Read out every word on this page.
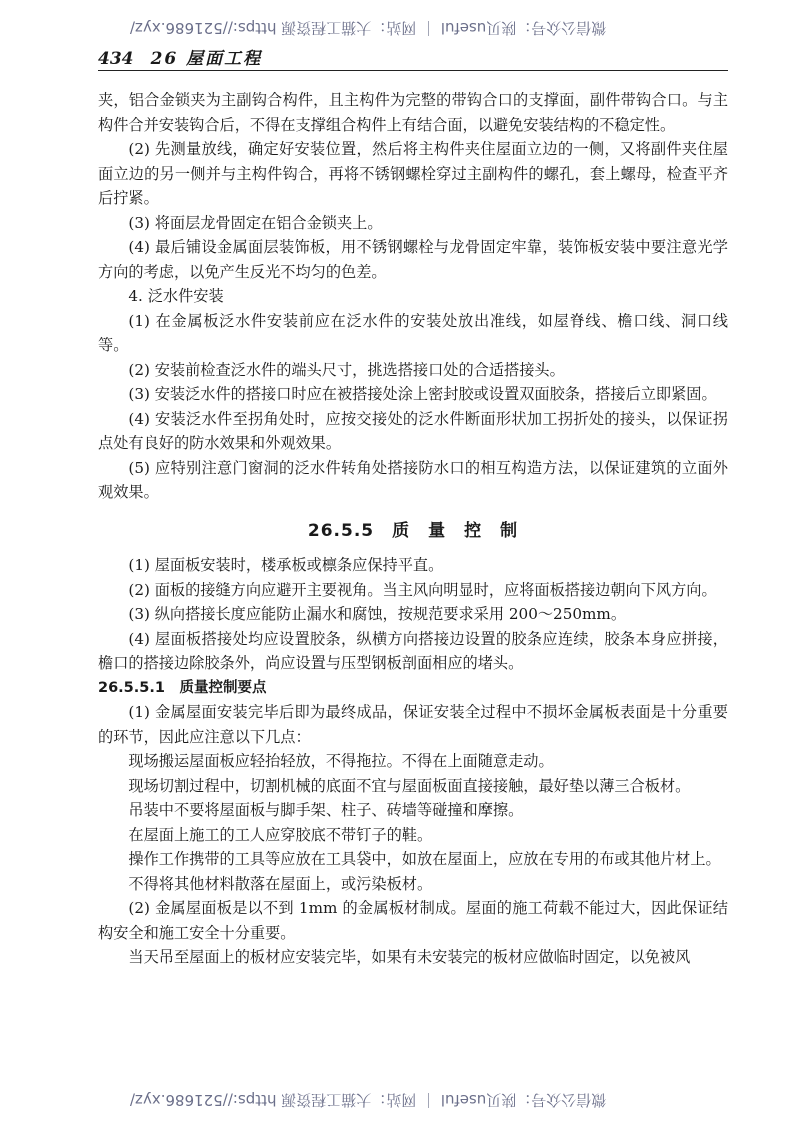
微信公众号：陕贝useful ｜ 网站：大猫工程资源 https://521686.xyz/
434 26 屋面工程

夹，铝合金锁夹为主副钩合构件，且主构件为完整的带钩合口的支撑面，副件带钩合口。与主构件合并安装钩合后，不得在支撑组合构件上有结合面，以避免安装结构的不稳定性。

(2) 先测量放线，确定好安装位置，然后将主构件夹住屋面立边的一侧，又将副件夹住屋面立边的另一侧并与主构件钩合，再将不锈钢螺栓穿过主副构件的螺孔，套上螺母，检查平齐后拧紧。

(3) 将面层龙骨固定在铝合金锁夹上。

(4) 最后铺设金属面层装饰板，用不锈钢螺栓与龙骨固定牢靠，装饰板安装中要注意光学方向的考虑，以免产生反光不均匀的色差。

4. 泛水件安装

(1) 在金属板泛水件安装前应在泛水件的安装处放出准线，如屋脊线、檐口线、洞口线等。

(2) 安装前检查泛水件的端头尺寸，挑选搭接口处的合适搭接头。

(3) 安装泛水件的搭接口时应在被搭接处涂上密封胶或设置双面胶条，搭接后立即紧固。

(4) 安装泛水件至拐角处时，应按交接处的泛水件断面形状加工拐折处的接头，以保证拐点处有良好的防水效果和外观效果。

(5) 应特别注意门窗洞的泛水件转角处搭接防水口的相互构造方法，以保证建筑的立面外观效果。

26.5.5　质　量　控　制

(1) 屋面板安装时，楼承板或檩条应保持平直。

(2) 面板的接缝方向应避开主要视角。当主风向明显时，应将面板搭接边朝向下风方向。

(3) 纵向搭接长度应能防止漏水和腐蚀，按规范要求采用 200～250mm。

(4) 屋面板搭接处均应设置胶条，纵横方向搭接边设置的胶条应连续，胶条本身应拼接，檐口的搭接边除胶条外，尚应设置与压型钢板剖面相应的堵头。

26.5.5.1　质量控制要点

(1) 金属屋面安装完毕后即为最终成品，保证安装全过程中不损坏金属板表面是十分重要的环节，因此应注意以下几点：

现场搬运屋面板应轻抬轻放，不得拖拉。不得在上面随意走动。

现场切割过程中，切割机械的底面不宜与屋面板面直接接触，最好垫以薄三合板材。

吊装中不要将屋面板与脚手架、柱子、砖墙等碰撞和摩擦。

在屋面上施工的工人应穿胶底不带钉子的鞋。

操作工作携带的工具等应放在工具袋中，如放在屋面上，应放在专用的布或其他片材上。

不得将其他材料散落在屋面上，或污染板材。

(2) 金属屋面板是以不到 1mm 的金属板材制成。屋面的施工荷载不能过大，因此保证结构安全和施工安全十分重要。

当天吊至屋面上的板材应安装完毕，如果有未安装完的板材应做临时固定，以免被风

微信公众号：陕贝useful ｜ 网站：大猫工程资源 https://521686.xyz/
